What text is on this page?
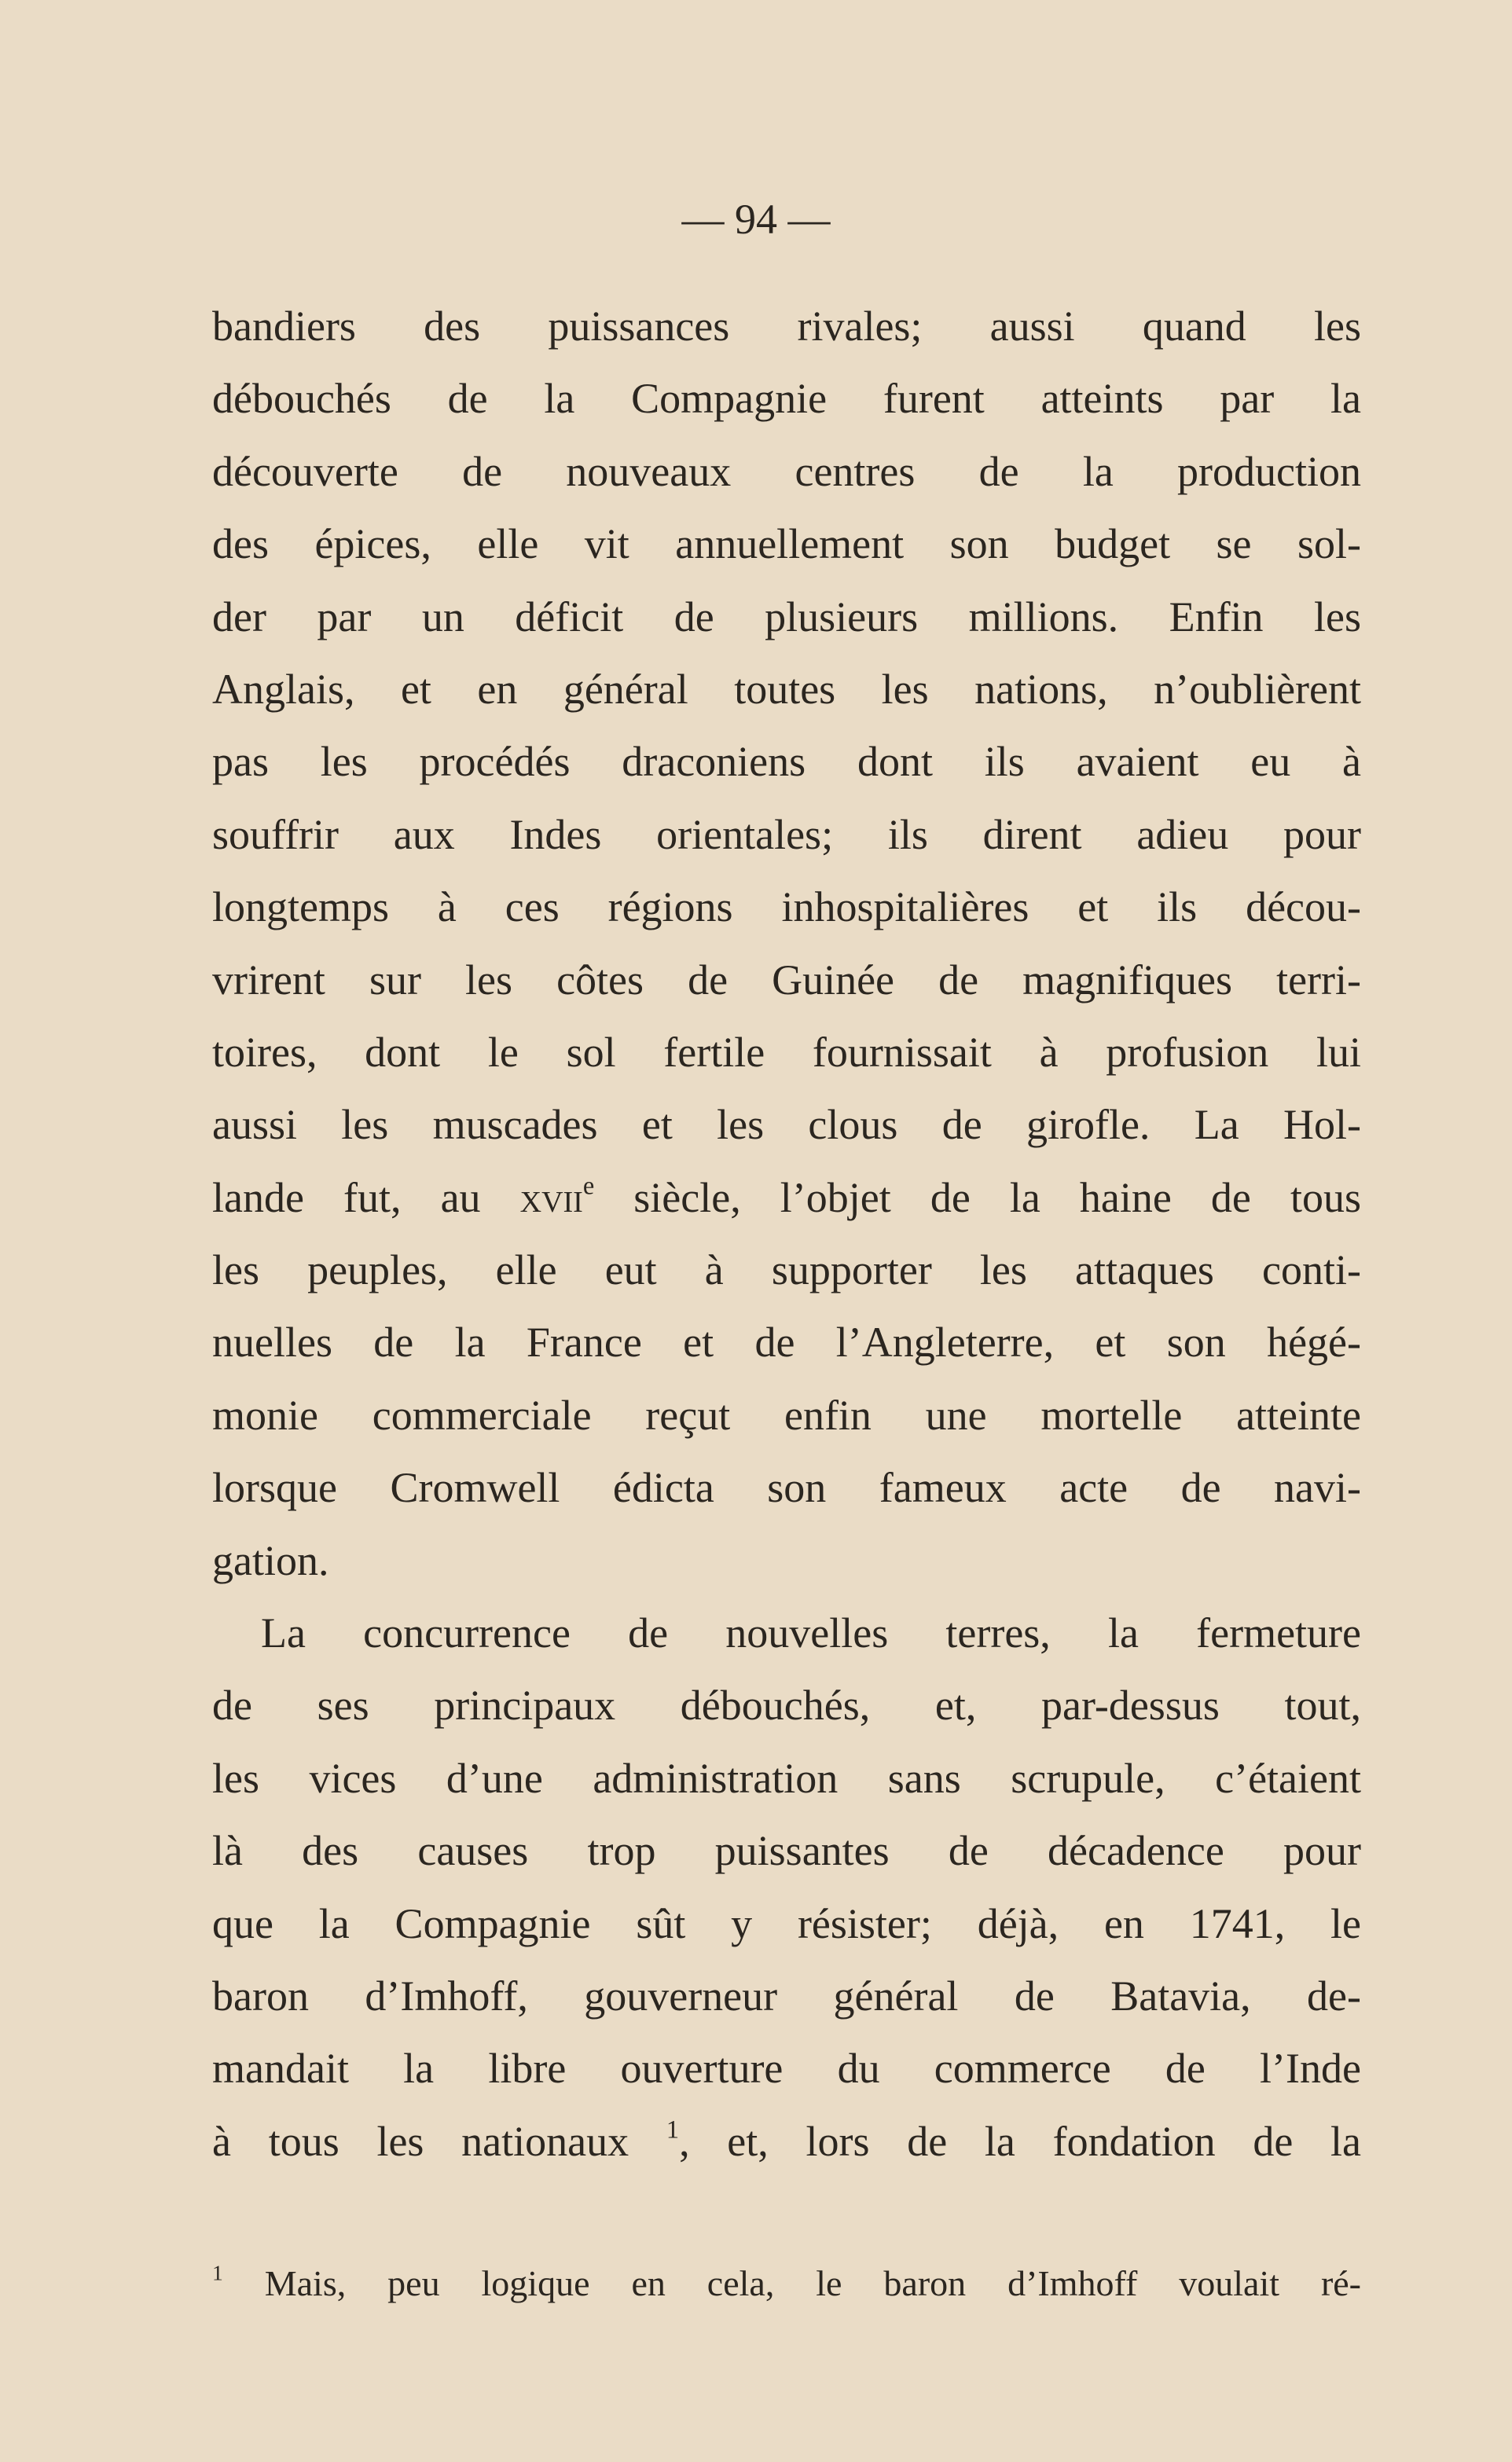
— 94 —
bandiers des puissances rivales; aussi quand les
débouchés de la Compagnie furent atteints par la
découverte de nouveaux centres de la production
des épices, elle vit annuellement son budget se sol-
der par un déficit de plusieurs millions. Enfin les
Anglais, et en général toutes les nations, n’oublièrent
pas les procédés draconiens dont ils avaient eu à
souffrir aux Indes orientales; ils dirent adieu pour
longtemps à ces régions inhospitalières et ils décou-
vrirent sur les côtes de Guinée de magnifiques terri-
toires, dont le sol fertile fournissait à profusion lui
aussi les muscades et les clous de girofle. La Hol-
lande fut, au xvii$^e$ siècle, l’objet de la haine de tous
les peuples, elle eut à supporter les attaques conti-
nuelles de la France et de l’Angleterre, et son hégé-
monie commerciale reçut enfin une mortelle atteinte
lorsque Cromwell édicta son fameux acte de navi-
gation.
La concurrence de nouvelles terres, la fermeture
de ses principaux débouchés, et, par-dessus tout,
les vices d’une administration sans scrupule, c’étaient
là des causes trop puissantes de décadence pour
que la Compagnie sût y résister; déjà, en 1741, le
baron d’Imhoff, gouverneur général de Batavia, de-
mandait la libre ouverture du commerce de l’Inde
à tous les nationaux $^1$, et, lors de la fondation de la
$^1$ Mais, peu logique en cela, le baron d’Imhoff voulait ré-
